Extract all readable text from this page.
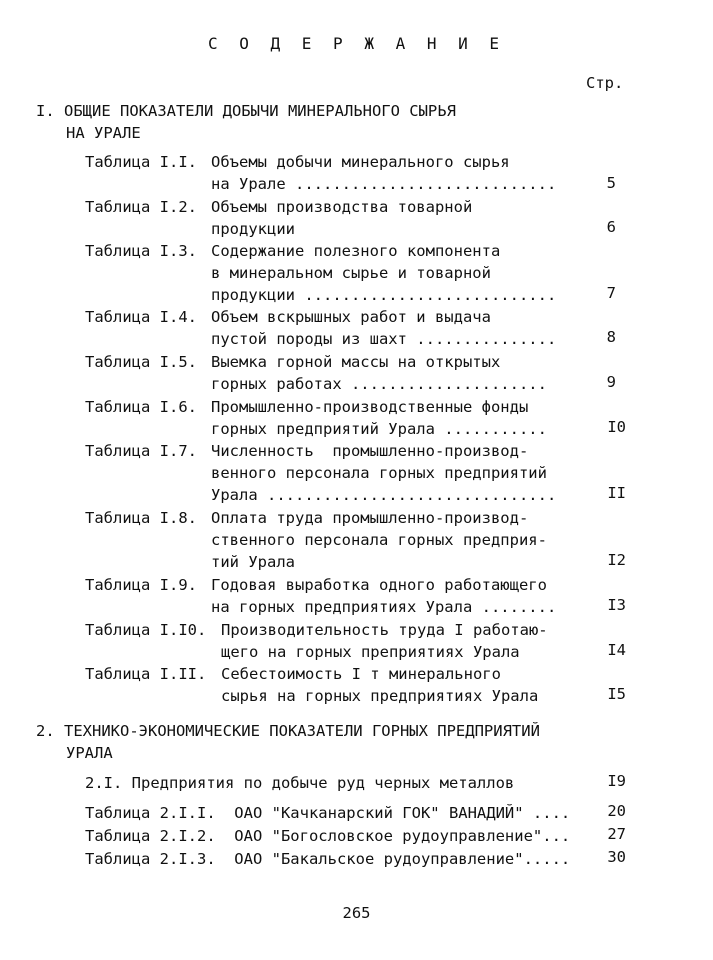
С О Д Е Р Ж А Н И Е
Стр.
I. ОБЩИЕ ПОКАЗАТЕЛИ ДОБЫЧИ МИНЕРАЛЬНОГО СЫРЬЯ
НА УРАЛЕ
Таблица I.I. Объемы добычи минерального сырья
на Урале ............................	5
Таблица I.2. Объемы производства товарной
продукции	6
Таблица I.3. Содержание полезного компонента
в минеральном сырье и товарной
продукции ...........................	7
Таблица I.4. Объем вскрышных работ и выдача
пустой породы из шахт ...............	8
Таблица I.5. Выемка горной массы на открытых
горных работах .....................	9
Таблица I.6. Промышленно-производственные фонды
горных предприятий Урала ...........	I0
Таблица I.7. Численность  промышленно-производ-
венного персонала горных предприятий
Урала ...............................	II
Таблица I.8. Оплата труда промышленно-производ-
ственного персонала горных предприя-
тий Урала	I2
Таблица I.9. Годовая выработка одного работающего
на горных предприятиях Урала ........	I3
Таблица I.I0. Производительность труда I работаю-
щего на горных преприятиях Урала	I4
Таблица I.II. Себестоимость I т минерального
сырья на горных предприятиях Урала	I5
2. ТЕХНИКО-ЭКОНОМИЧЕСКИЕ ПОКАЗАТЕЛИ ГОРНЫХ ПРЕДПРИЯТИЙ
УРАЛА
2.I. Предприятия по добыче руд черных металлов	I9
Таблица 2.I.I.  ОАО "Качканарский ГОК" ВАНАДИЙ" ....	20
Таблица 2.I.2.  ОАО "Богословское рудоуправление"...	27
Таблица 2.I.3.  ОАО "Бакальское рудоуправление".....	30
265
